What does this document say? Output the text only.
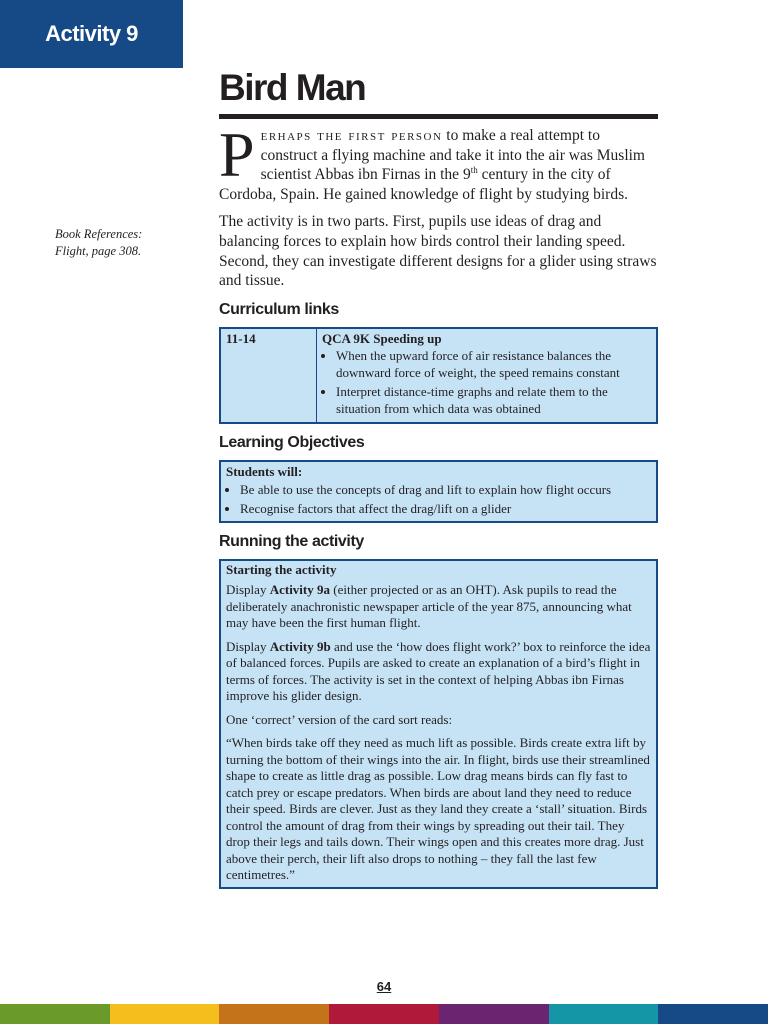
Activity 9
Bird Man
Book References:
Flight, page 308.

Perhaps the first person to make a real attempt to construct a flying machine and take it into the air was Muslim scientist Abbas ibn Firnas in the 9th century in the city of Cordoba, Spain. He gained knowledge of flight by studying birds.

The activity is in two parts. First, pupils use ideas of drag and balancing forces to explain how birds control their landing speed. Second, they can investigate different designs for a glider using straws and tissue.

Curriculum links
11-14	QCA 9K Speeding up
• When the upward force of air resistance balances the downward force of weight, the speed remains constant
• Interpret distance-time graphs and relate them to the situation from which data was obtained
Learning Objectives
Students will:
• Be able to use the concepts of drag and lift to explain how flight occurs
• Recognise factors that affect the drag/lift on a glider
Running the activity

Starting the activity

Display Activity 9a (either projected or as an OHT). Ask pupils to read the deliberately anachronistic newspaper article of the year 875, announcing what may have been the first human flight.

Display Activity 9b and use the ‘how does flight work?’ box to reinforce the idea of balanced forces. Pupils are asked to create an explanation of a bird’s flight in terms of forces. The activity is set in the context of helping Abbas ibn Firnas improve his glider design.

One ‘correct’ version of the card sort reads:

“When birds take off they need as much lift as possible. Birds create extra lift by turning the bottom of their wings into the air. In flight, birds use their streamlined shape to create as little drag as possible. Low drag means birds can fly fast to catch prey or escape predators. When birds are about land they need to reduce their speed. Birds are clever. Just as they land they create a ‘stall’ situation. Birds control the amount of drag from their wings by spreading out their tail. They drop their legs and tails down. Their wings open and this creates more drag. Just above their perch, their lift also drops to nothing – they fall the last few centimetres.”

64
